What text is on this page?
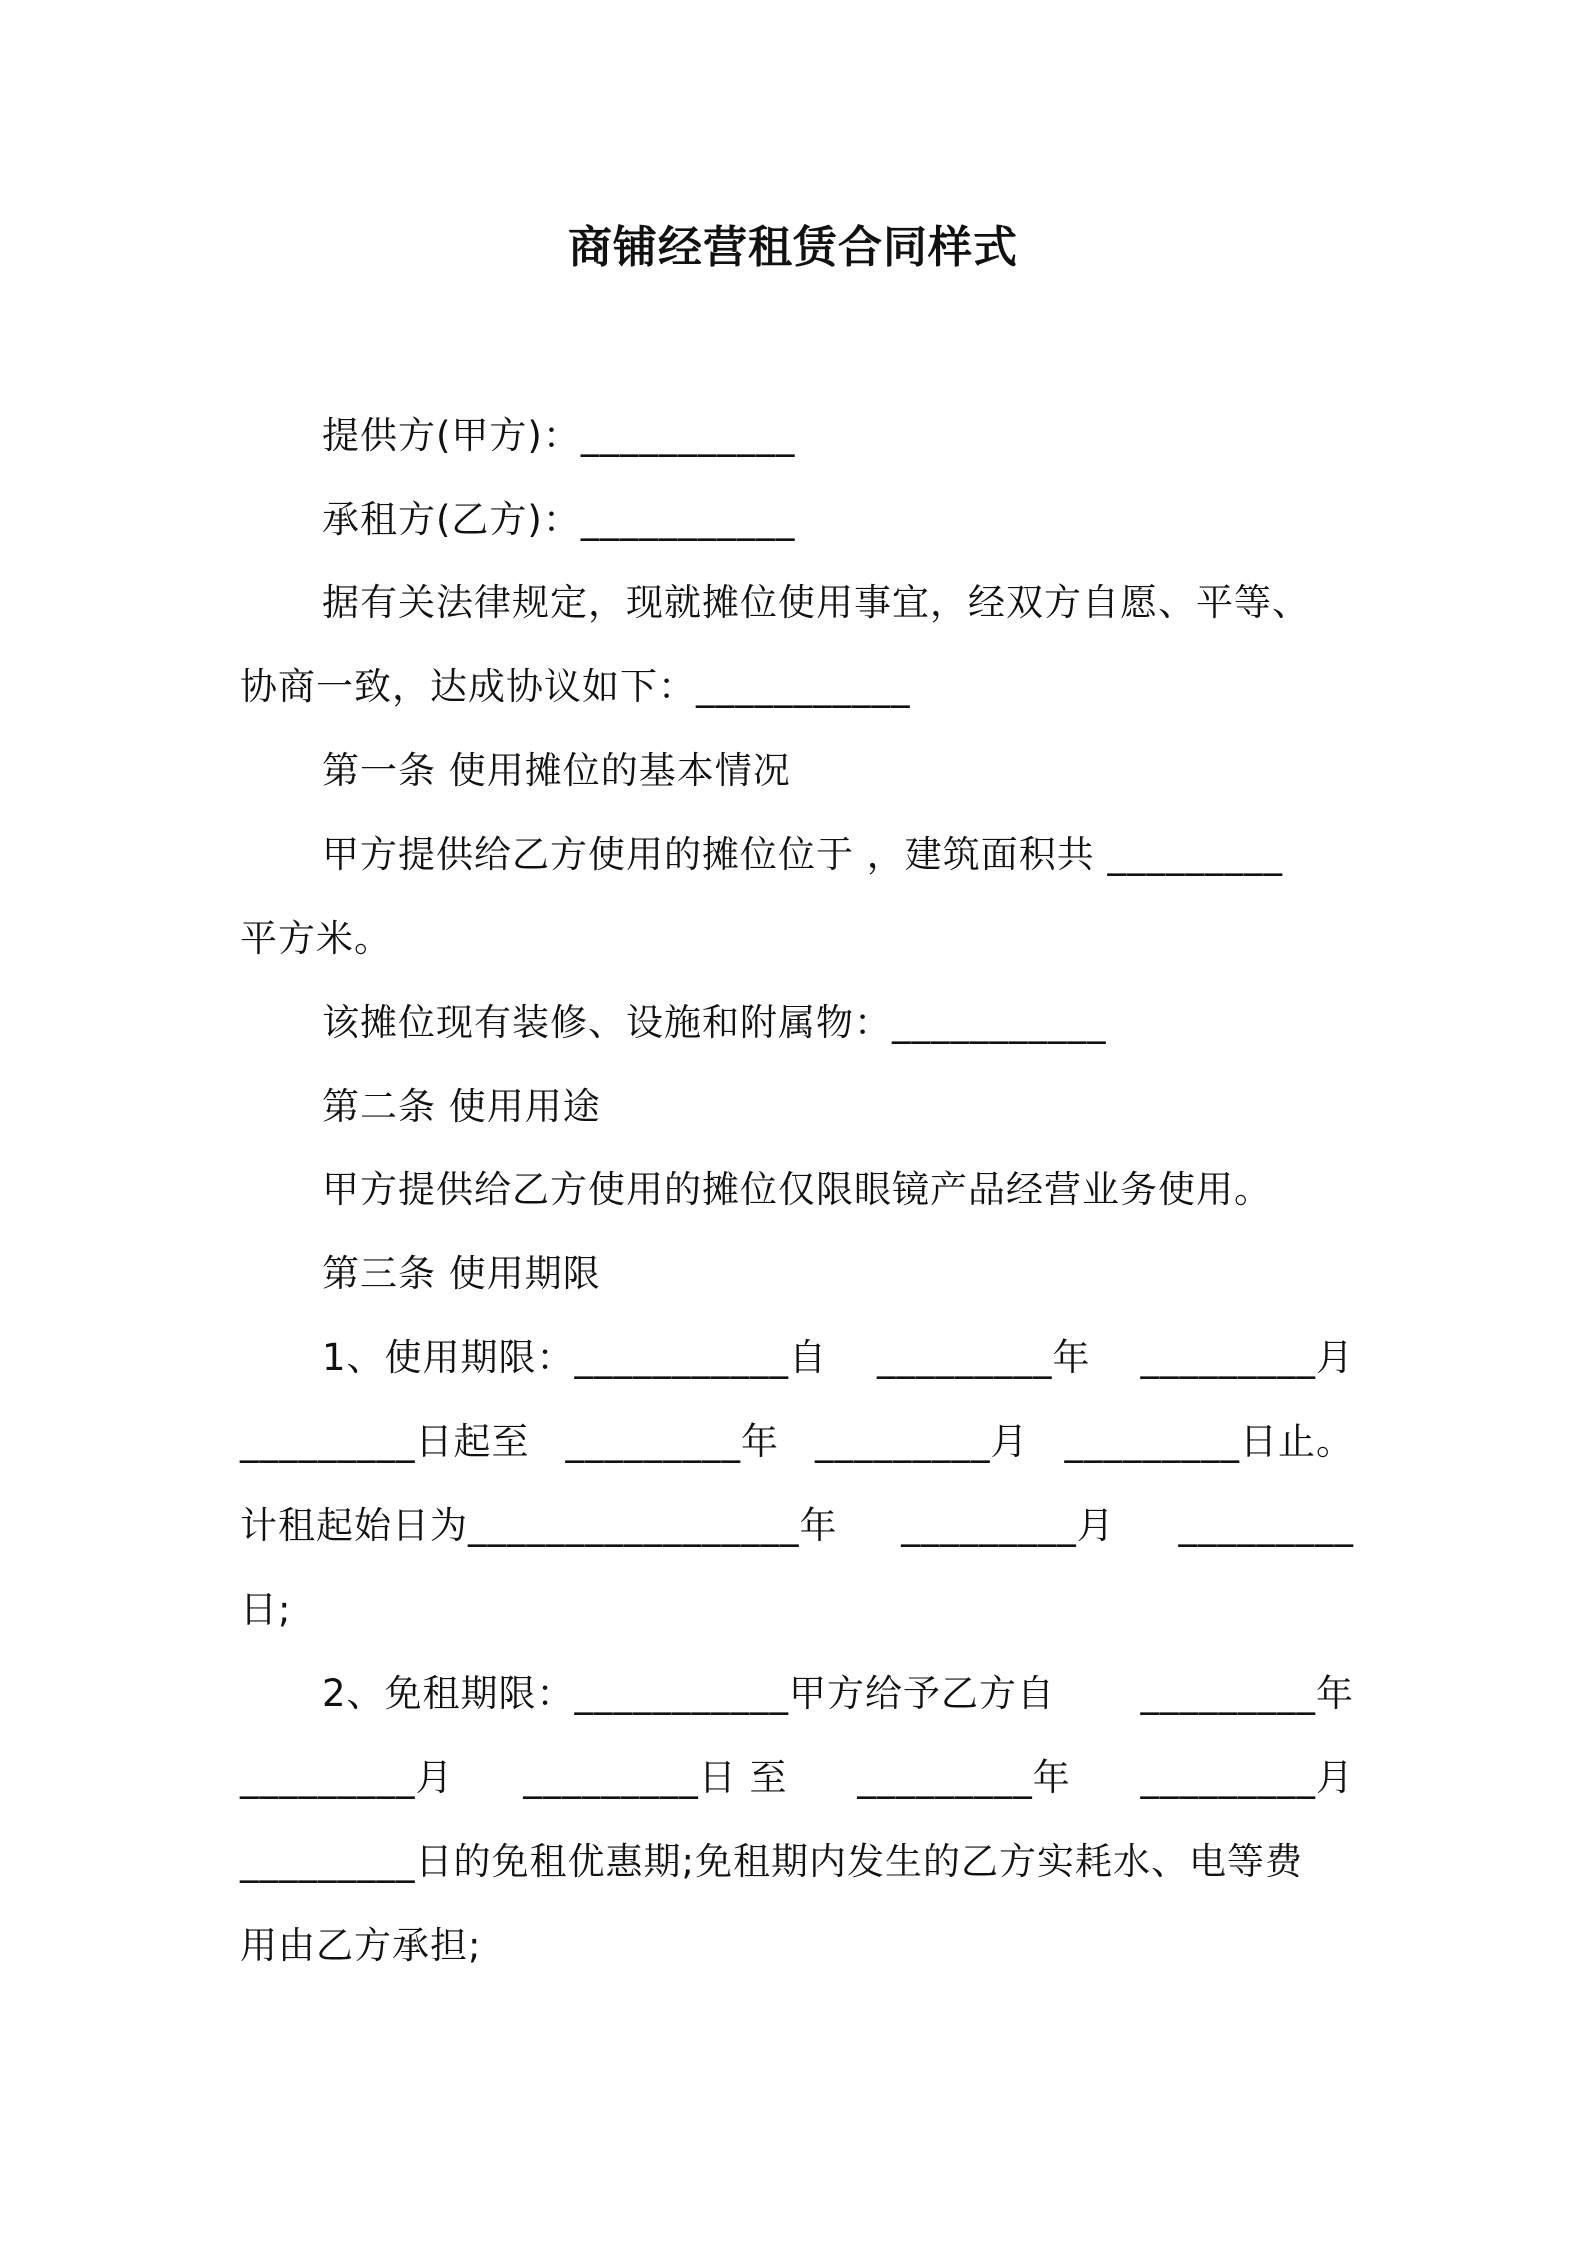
商铺经营租赁合同样式
提供方(甲方)：___________
承租方(乙方)：___________
据有关法律规定，现就摊位使用事宜，经双方自愿、平等、
协商一致，达成协议如下：___________
第一条 使用摊位的基本情况
甲方提供给乙方使用的摊位位于 ，建筑面积共 _________
平方米。
该摊位现有装修、设施和附属物：___________
第二条 使用用途
甲方提供给乙方使用的摊位仅限眼镜产品经营业务使用。
第三条 使用期限
1、使用期限：___________自 _________年 _________月
_________日起至 _________年 _________月 _________日止。
计租起始日为_________________年 _________月 _________
日;
2、免租期限：___________甲方给予乙方自 _________年
_________月 _________日 至 _________年 _________月
_________日的免租优惠期;免租期内发生的乙方实耗水、电等费
用由乙方承担;
